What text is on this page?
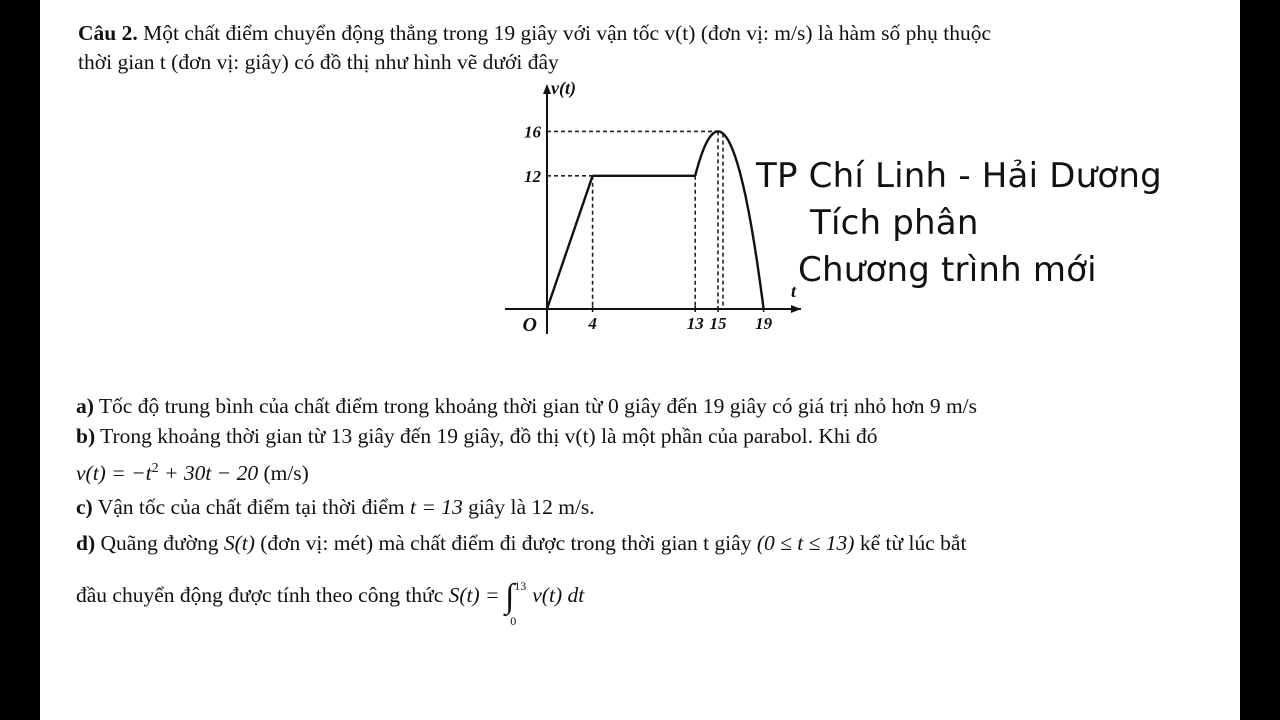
Câu 2. Một chất điểm chuyển động thẳng trong 19 giây với vận tốc v(t) (đơn vị: m/s) là hàm số phụ thuộc
thời gian t (đơn vị: giây) có đồ thị như hình vẽ dưới đây
4	13 15 19
12
16
O
v(t)
t
TP Chí Linh - Hải Dương
Tích phân
Chương trình mới
a) Tốc độ trung bình của chất điểm trong khoảng thời gian từ 0 giây đến 19 giây có giá trị nhỏ hơn 9 m/s
b) Trong khoảng thời gian từ 13 giây đến 19 giây, đồ thị v(t) là một phần của parabol. Khi đó
$v(t) = -t^2 + 30t - 20$ (m/s)
c) Vận tốc của chất điểm tại thời điểm t = 13 giây là 12 m/s.
d) Quãng đường S(t) (đơn vị: mét) mà chất điểm đi được trong thời gian t giây (0 ≤ t ≤ 13) kể từ lúc bắt
đầu chuyển động được tính theo công thức S(t) = ∫ 13
0
v(t) dt
